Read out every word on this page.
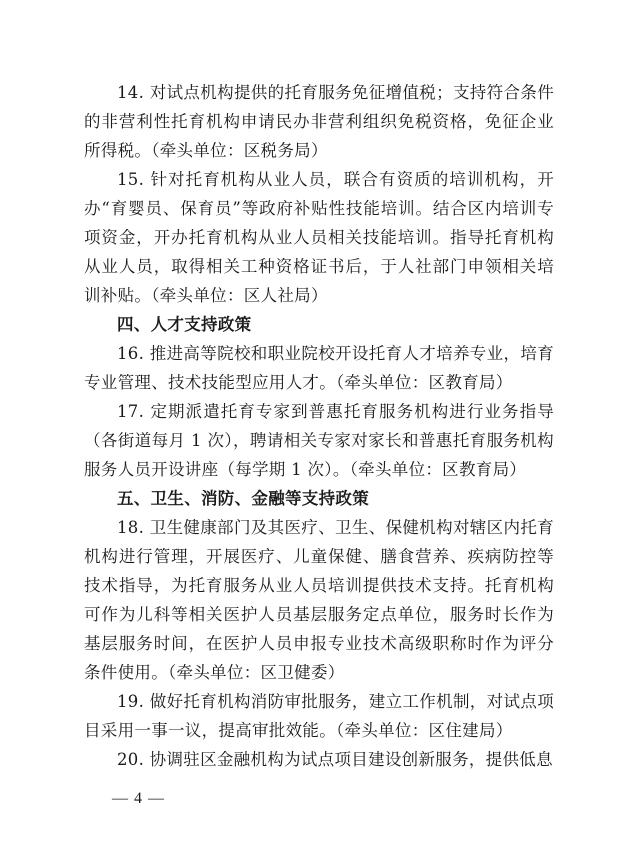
14. 对试点机构提供的托育服务免征增值税；支持符合条件的非营利性托育机构申请民办非营利组织免税资格，免征企业所得税。（牵头单位：区税务局）

15. 针对托育机构从业人员，联合有资质的培训机构，开办“育婴员、保育员”等政府补贴性技能培训。结合区内培训专项资金，开办托育机构从业人员相关技能培训。指导托育机构从业人员，取得相关工种资格证书后，于人社部门申领相关培训补贴。（牵头单位：区人社局）

四、人才支持政策

16. 推进高等院校和职业院校开设托育人才培养专业，培育专业管理、技术技能型应用人才。（牵头单位：区教育局）

17. 定期派遣托育专家到普惠托育服务机构进行业务指导（各街道每月 1 次），聘请相关专家对家长和普惠托育服务机构服务人员开设讲座（每学期 1 次）。（牵头单位：区教育局）

五、卫生、消防、金融等支持政策

18. 卫生健康部门及其医疗、卫生、保健机构对辖区内托育机构进行管理，开展医疗、儿童保健、膳食营养、疾病防控等技术指导，为托育服务从业人员培训提供技术支持。托育机构可作为儿科等相关医护人员基层服务定点单位，服务时长作为基层服务时间，在医护人员申报专业技术高级职称时作为评分条件使用。（牵头单位：区卫健委）

19. 做好托育机构消防审批服务，建立工作机制，对试点项目采用一事一议，提高审批效能。（牵头单位：区住建局）

20. 协调驻区金融机构为试点项目建设创新服务，提供低息

— 4 —
